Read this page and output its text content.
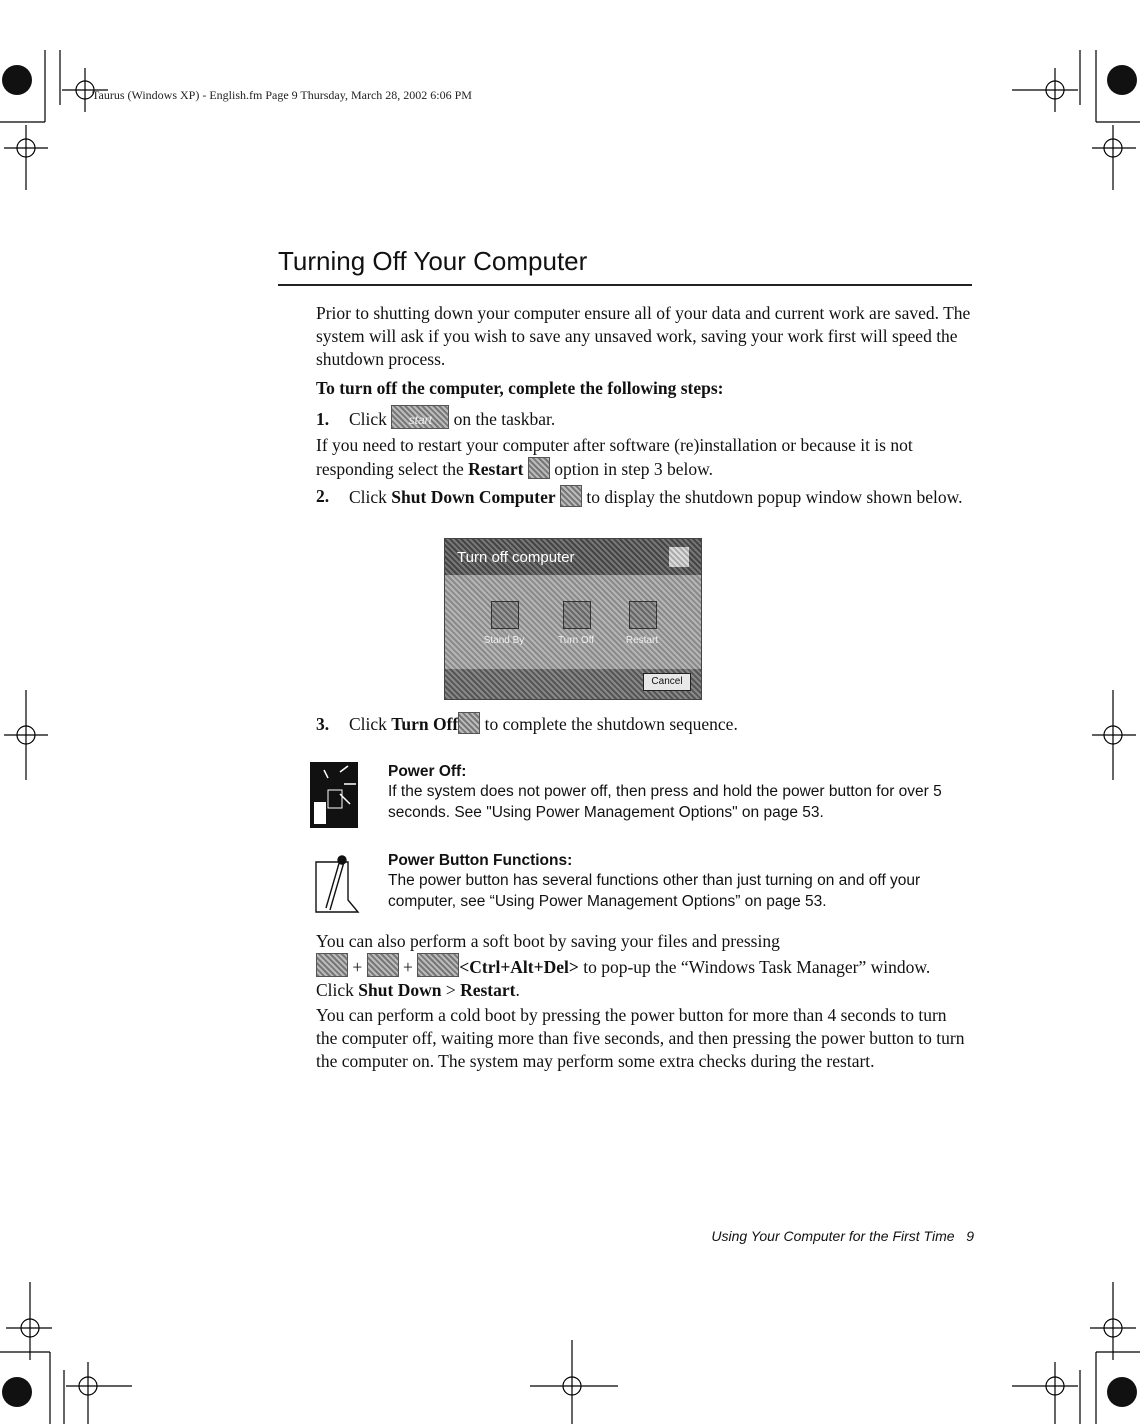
Taurus (Windows XP) - English.fm Page 9 Thursday, March 28, 2002 6:06 PM
Turning Off Your Computer
Prior to shutting down your computer ensure all of your data and current work are saved. The system will ask if you wish to save any unsaved work, saving your work first will speed the shutdown process.
To turn off the computer, complete the following steps:
1. Click	start	on the taskbar.
If you need to restart your computer after software (re)installation or because it is not responding select the Restart option in step 3 below.
2.	Click Shut Down Computer to display the shutdown popup window shown below.
Turn off computer
Stand By	Turn Off	Restart
Cancel
3. Click Turn Off to complete the shutdown sequence.
Power Off:
If the system does not power off, then press and hold the power button for over 5 seconds. See "Using Power Management Options" on page 53.
Power Button Functions:
The power button has several functions other than just turning on and off your computer, see “Using Power Management Options” on page 53.
You can also perform a soft boot by saving your files and pressing
+ +	<Ctrl+Alt+Del> to pop-up the “Windows Task Manager” window.
Click Shut Down > Restart.
You can perform a cold boot by pressing the power button for more than 4 seconds to turn the computer off, waiting more than five seconds, and then pressing the power button to turn the computer on. The system may perform some extra checks during the restart.
Using Your Computer for the First Time   9
